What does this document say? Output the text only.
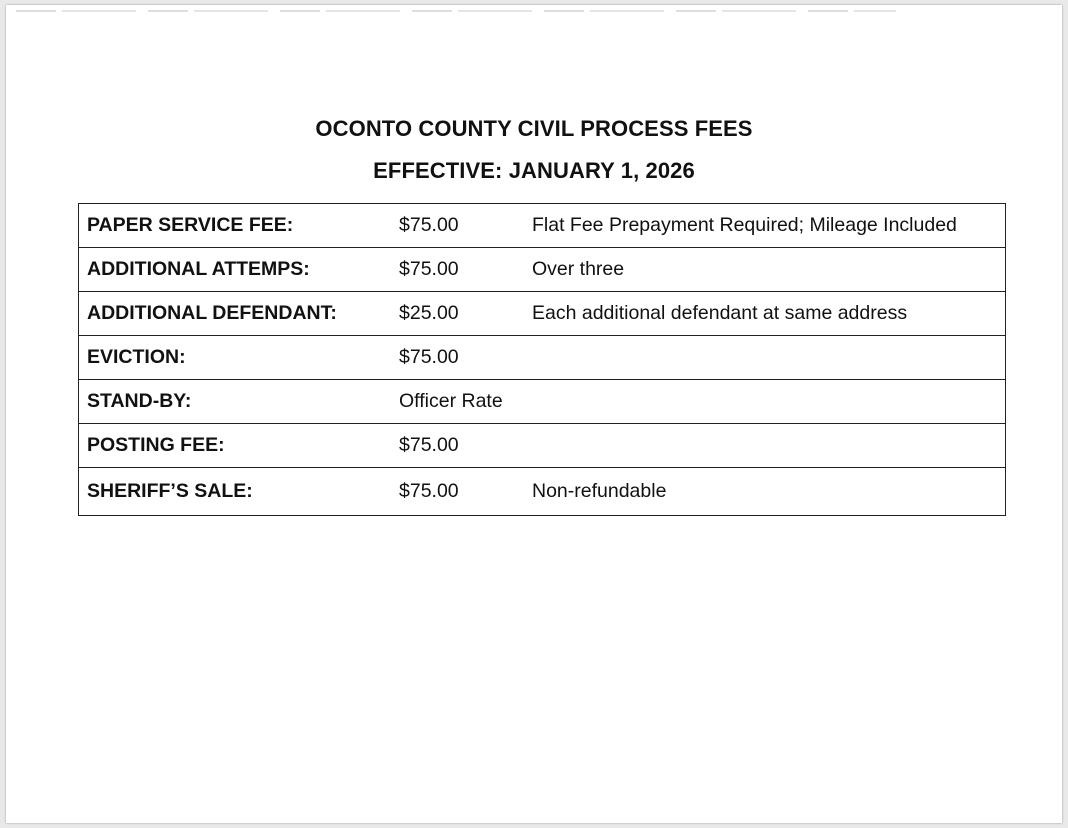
OCONTO COUNTY CIVIL PROCESS FEES
EFFECTIVE: JANUARY 1, 2026
PAPER SERVICE FEE:	$75.00	Flat Fee Prepayment Required; Mileage Included
ADDITIONAL ATTEMPS:	$75.00	Over three
ADDITIONAL DEFENDANT:	$25.00	Each additional defendant at same address
EVICTION:	$75.00
STAND-BY:	Officer Rate
POSTING FEE:	$75.00
SHERIFF’S SALE:	$75.00	Non-refundable
